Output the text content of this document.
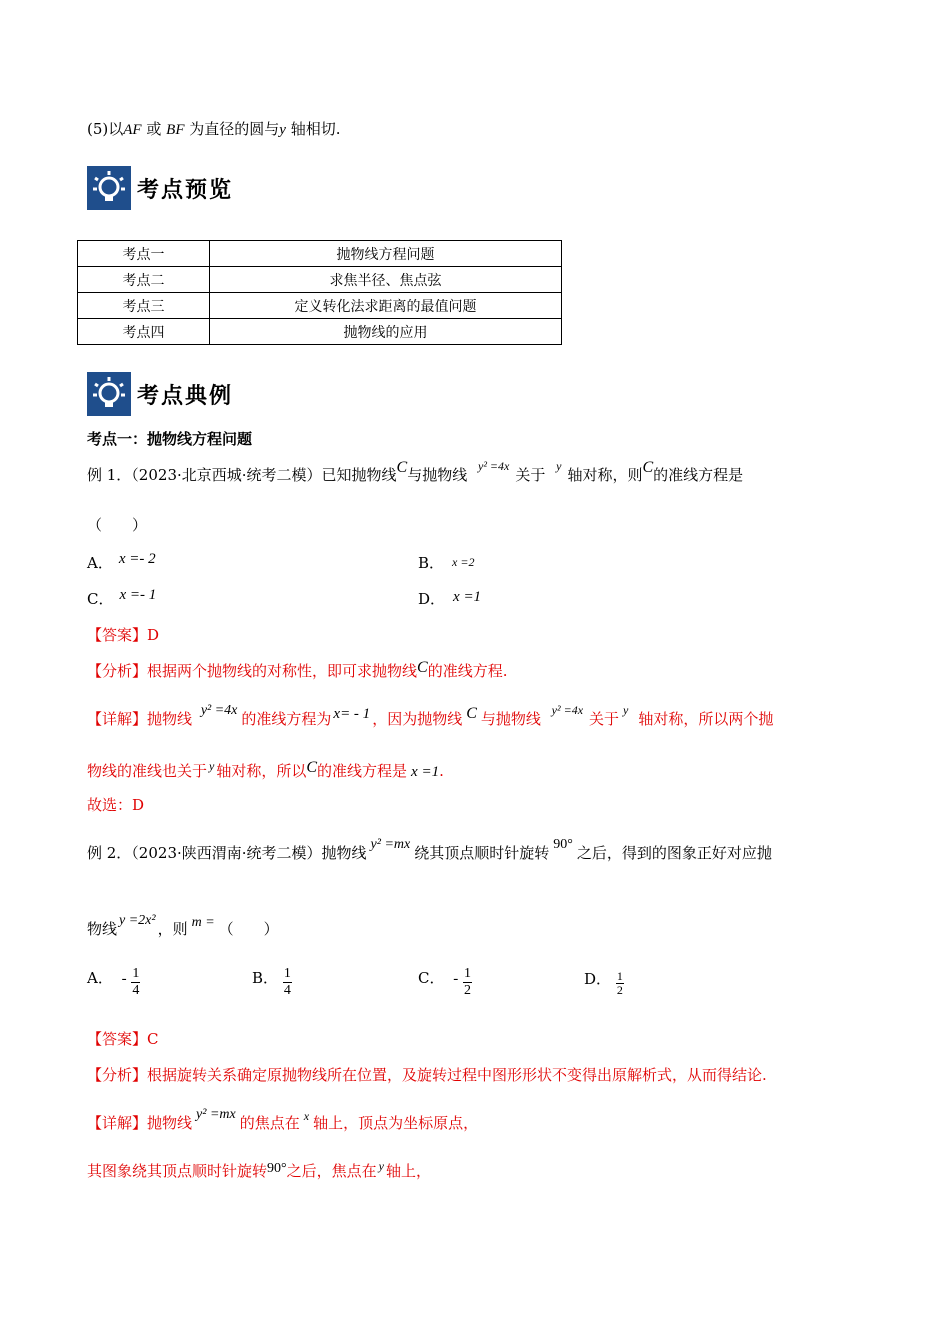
(5)以AF 或 BF 为直径的圆与y 轴相切.
考点预览
考点一	抛物线方程问题
考点二	求焦半径、焦点弦
考点三	定义转化法求距离的最值问题
考点四	抛物线的应用
考点典例
考点一：抛物线方程问题
例 1．（2023·北京西城·统考二模）已知抛物线C与抛物线 $^{y^2 =4x}$ 关于 $^y$ 轴对称，则C的准线方程是
（　　）
A． x =- 2	B． x =2
C． x =- 1	D． x =1
【答案】D
【分析】根据两个抛物线的对称性，即可求抛物线C的准线方程.
【详解】抛物线 y² =4x 的准线方程为 x= - 1 ，因为抛物线 C 与抛物线 $^{y^2 =4x}$ 关于 $^y$ 轴对称，所以两个抛
物线的准线也关于 $^y$ 轴对称，所以C的准线方程是 x =1.
故选：D
例 2．（2023·陕西渭南·统考二模）抛物线 y² =mx 绕其顶点顺时针旋转 90° 之后，得到的图象正好对应抛
物线 y =2x² ，则 m = （　　）
A． - $\frac{1}{4}$	B． $\frac{1}{4}$	C． - $\frac{1}{2}$	D． $\frac{1}{2}$
【答案】C
【分析】根据旋转关系确定原抛物线所在位置，及旋转过程中图形形状不变得出原解析式，从而得结论.
【详解】抛物线 y² =mx 的焦点在 $^x$ 轴上，顶点为坐标原点，
其图象绕其顶点顺时针旋转90°之后，焦点在 $^y$ 轴上，
